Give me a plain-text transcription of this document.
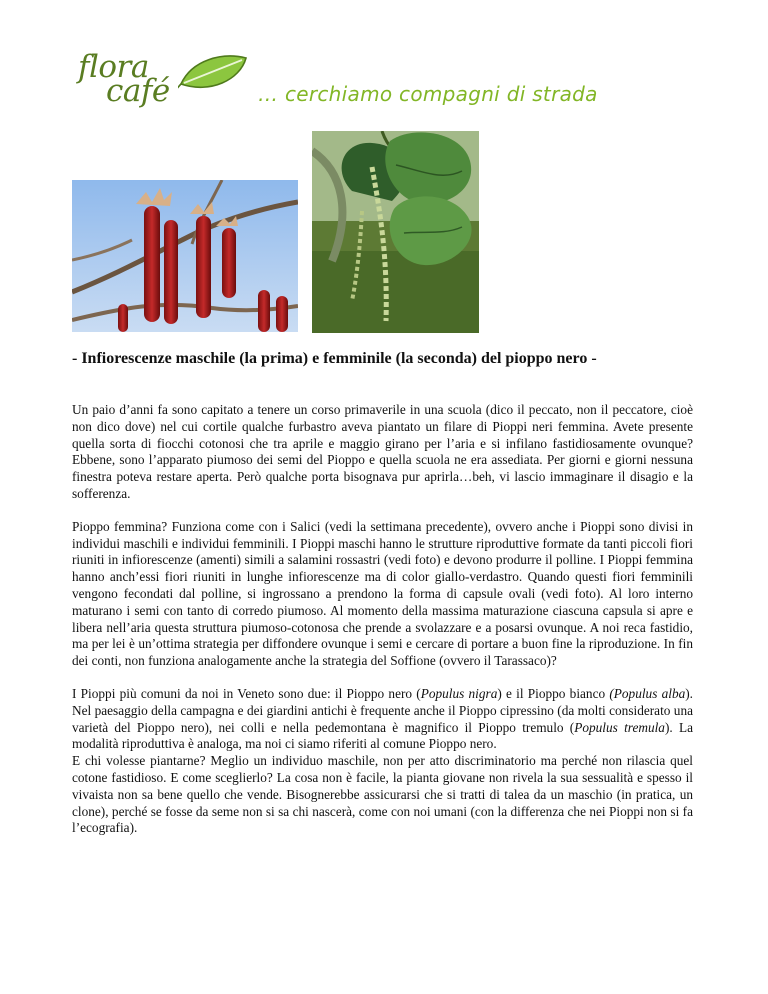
flora
café	… cerchiamo compagni di strada
- Infiorescenze maschile (la prima) e femminile (la seconda) del pioppo nero -

Un paio d’anni fa sono capitato a tenere un corso primaverile in una scuola (dico il peccato, non il peccatore, cioè non dico dove) nel cui cortile qualche furbastro aveva piantato un filare di Pioppi neri femmina. Avete presente quella sorta di fiocchi cotonosi che tra aprile e maggio girano per l’aria e si infilano fastidiosamente ovunque? Ebbene, sono l’apparato piumoso dei semi del Pioppo e quella scuola ne era assediata. Per giorni e giorni nessuna finestra poteva restare aperta. Però qualche porta bisognava pur aprirla…beh, vi lascio immaginare il disagio e la sofferenza.

Pioppo femmina? Funziona come con i Salici (vedi la settimana precedente), ovvero anche i Pioppi sono divisi in individui maschili e individui femminili. I Pioppi maschi hanno le strutture riproduttive formate da tanti piccoli fiori riuniti in infiorescenze (amenti) simili a salamini rossastri (vedi foto) e devono produrre il polline. I Pioppi femmina hanno anch’essi fiori riuniti in lunghe infiorescenze ma di color giallo-verdastro. Quando questi fiori femminili vengono fecondati dal polline, si ingrossano a prendono la forma di capsule ovali (vedi foto). Al loro interno maturano i semi con tanto di corredo piumoso. Al momento della massima maturazione ciascuna capsula si apre e libera nell’aria questa struttura piumoso-cotonosa che prende a svolazzare e a posarsi ovunque. A noi reca fastidio, ma per lei è un’ottima strategia per diffondere ovunque i semi e cercare di portare a buon fine la riproduzione. In fin dei conti, non funziona analogamente anche la strategia del Soffione (ovvero il Tarassaco)?

I Pioppi più comuni da noi in Veneto sono due: il Pioppo nero (Populus nigra) e il Pioppo bianco (Populus alba). Nel paesaggio della campagna e dei giardini antichi è frequente anche il Pioppo cipressino (da molti considerato una varietà del Pioppo nero), nei colli e nella pedemontana è magnifico il Pioppo tremulo (Populus tremula). La modalità riproduttiva è analoga, ma noi ci siamo riferiti al comune Pioppo nero.

E chi volesse piantarne? Meglio un individuo maschile, non per atto discriminatorio ma perché non rilascia quel cotone fastidioso. E come sceglierlo? La cosa non è facile, la pianta giovane non rivela la sua sessualità e spesso il vivaista non sa bene quello che vende. Bisognerebbe assicurarsi che si tratti di talea da un maschio (in pratica, un clone), perché se fosse da seme non si sa chi nascerà, come con noi umani (con la differenza che nei Pioppi non si fa l’ecografia).
